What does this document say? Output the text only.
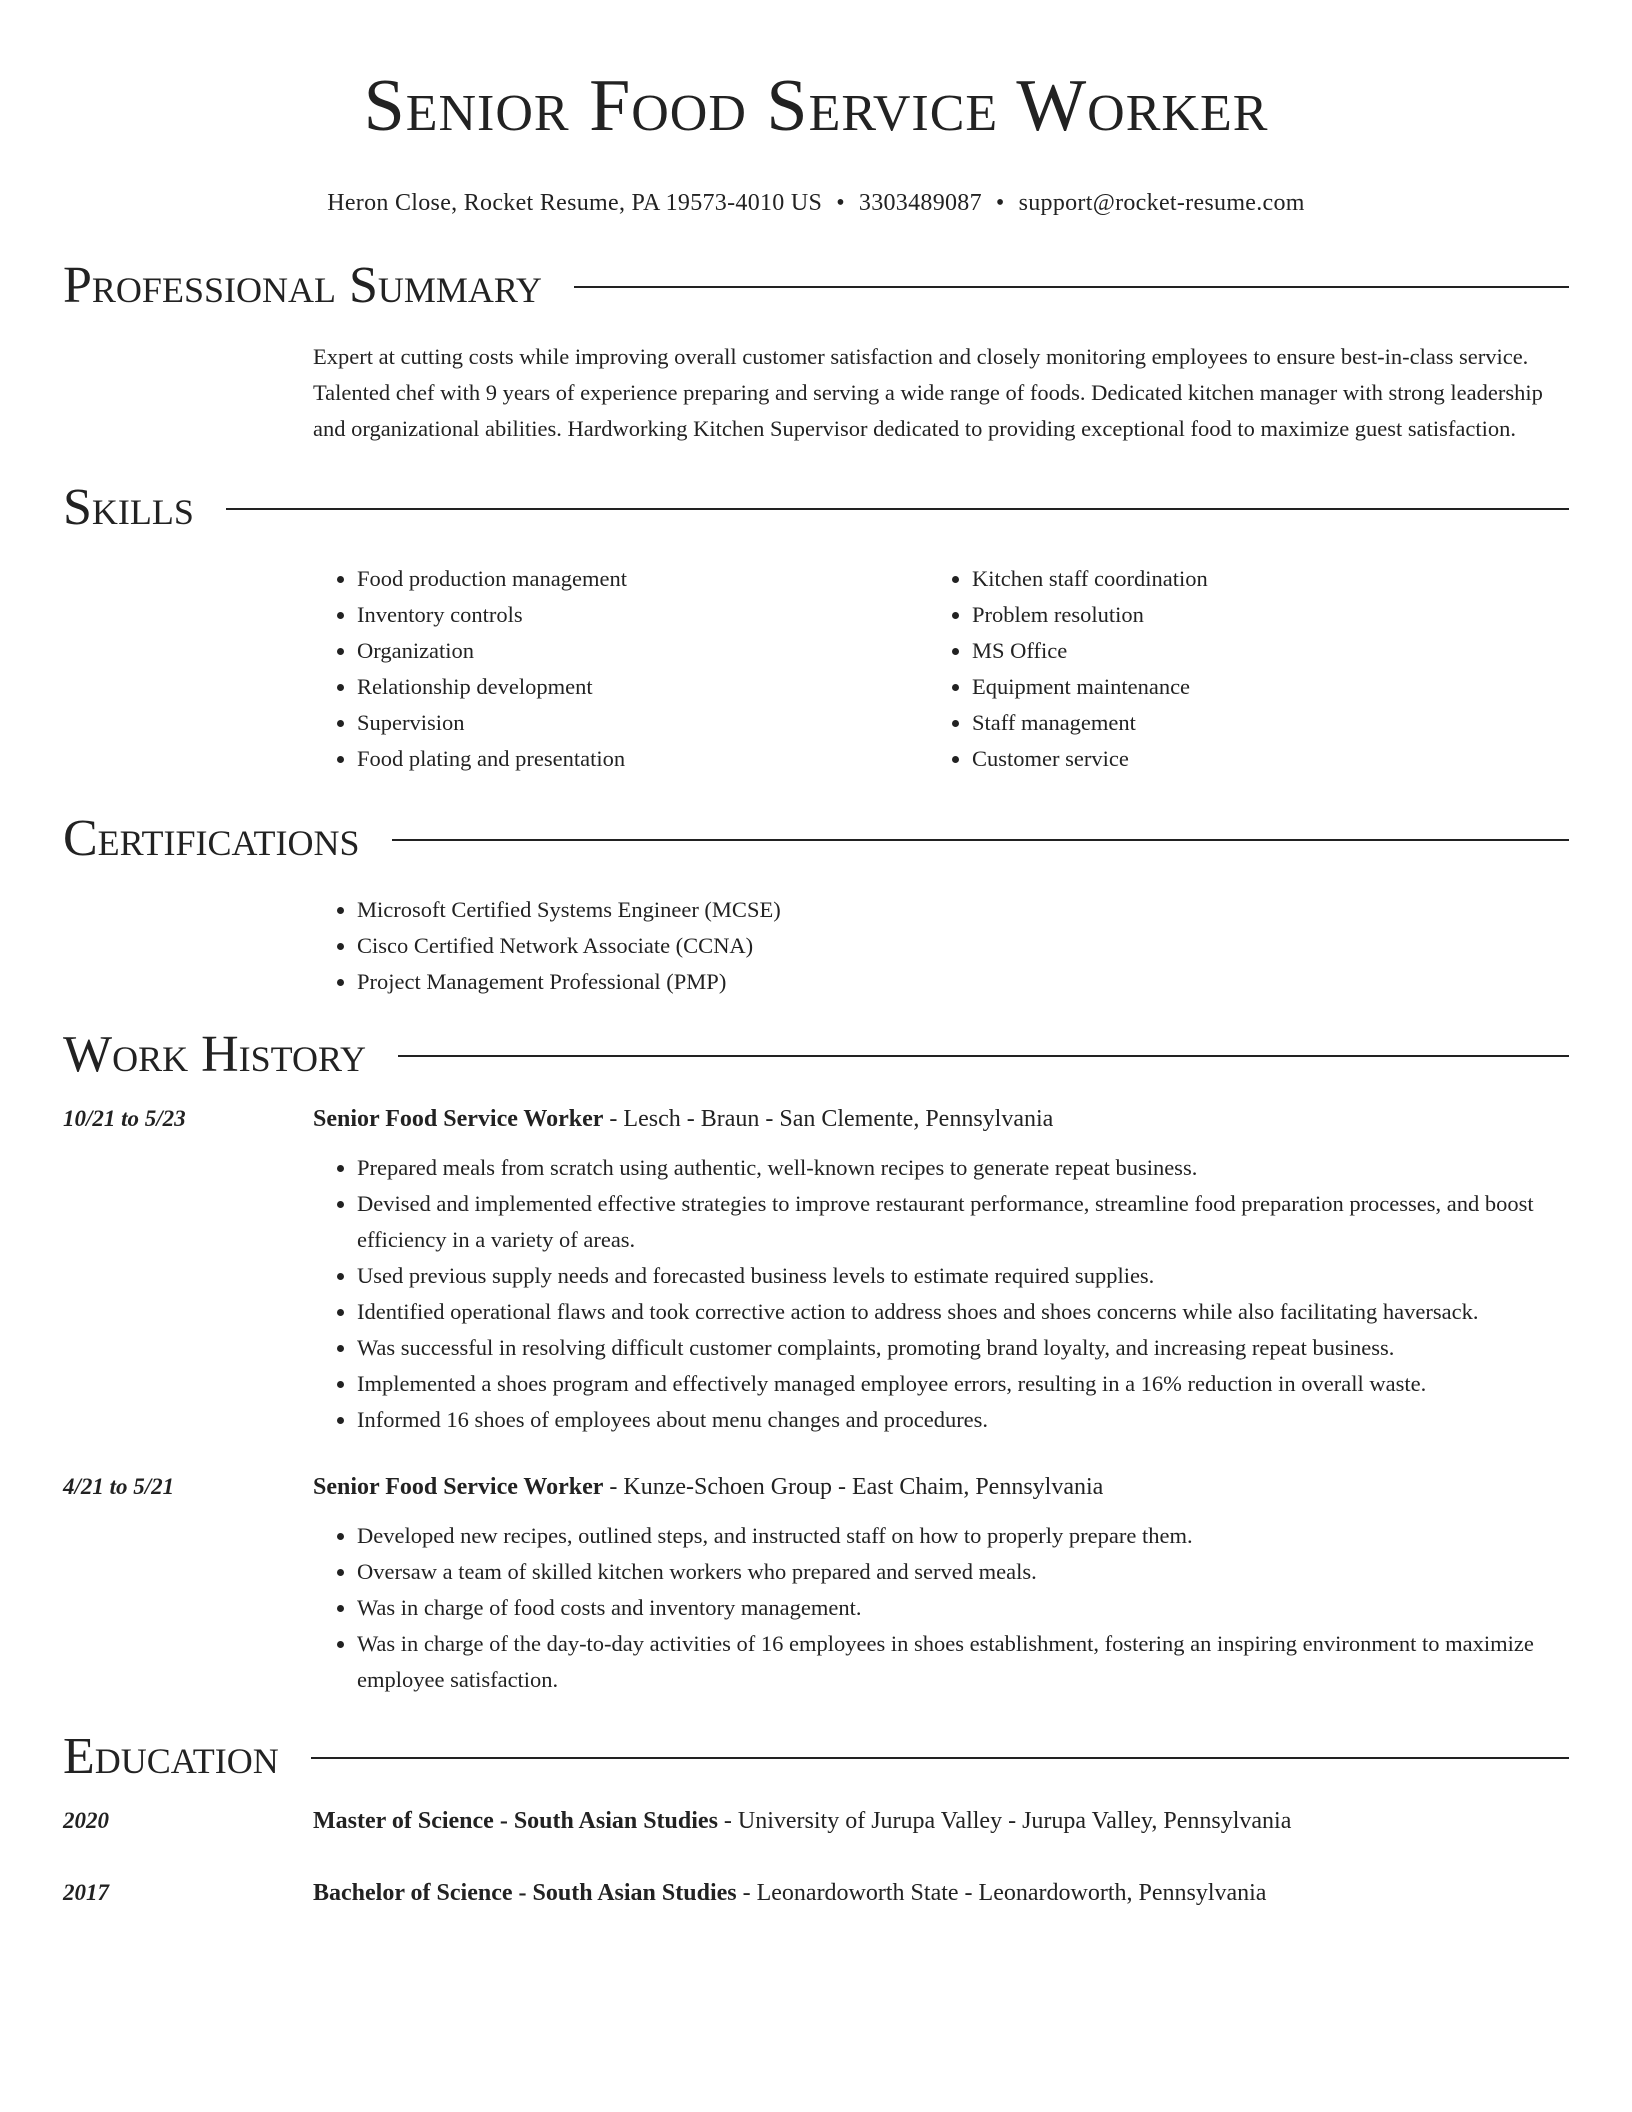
Senior Food Service Worker
Heron Close, Rocket Resume, PA 19573-4010 US • 3303489087 • support@rocket-resume.com
Professional Summary

Expert at cutting costs while improving overall customer satisfaction and closely monitoring employees to ensure best-in-class service. Talented chef with 9 years of experience preparing and serving a wide range of foods. Dedicated kitchen manager with strong leadership and organizational abilities. Hardworking Kitchen Supervisor dedicated to providing exceptional food to maximize guest satisfaction.

Skills
• Food production management
• Inventory controls
• Organization
• Relationship development
• Supervision
• Food plating and presentation
• Kitchen staff coordination
• Problem resolution
• MS Office
• Equipment maintenance
• Staff management
• Customer service
Certifications
• Microsoft Certified Systems Engineer (MCSE)
• Cisco Certified Network Associate (CCNA)
• Project Management Professional (PMP)
Work History
10/21 to 5/23	Senior Food Service Worker - Lesch - Braun - San Clemente, Pennsylvania
• Prepared meals from scratch using authentic, well-known recipes to generate repeat business.
• Devised and implemented effective strategies to improve restaurant performance, streamline food preparation processes, and boost efficiency in a variety of areas.
• Used previous supply needs and forecasted business levels to estimate required supplies.
• Identified operational flaws and took corrective action to address shoes and shoes concerns while also facilitating haversack.
• Was successful in resolving difficult customer complaints, promoting brand loyalty, and increasing repeat business.
• Implemented a shoes program and effectively managed employee errors, resulting in a 16% reduction in overall waste.
• Informed 16 shoes of employees about menu changes and procedures.
4/21 to 5/21	Senior Food Service Worker - Kunze-Schoen Group - East Chaim, Pennsylvania
• Developed new recipes, outlined steps, and instructed staff on how to properly prepare them.
• Oversaw a team of skilled kitchen workers who prepared and served meals.
• Was in charge of food costs and inventory management.
• Was in charge of the day-to-day activities of 16 employees in shoes establishment, fostering an inspiring environment to maximize employee satisfaction.
Education
2020	Master of Science - South Asian Studies - University of Jurupa Valley - Jurupa Valley, Pennsylvania
2017	Bachelor of Science - South Asian Studies - Leonardoworth State - Leonardoworth, Pennsylvania
